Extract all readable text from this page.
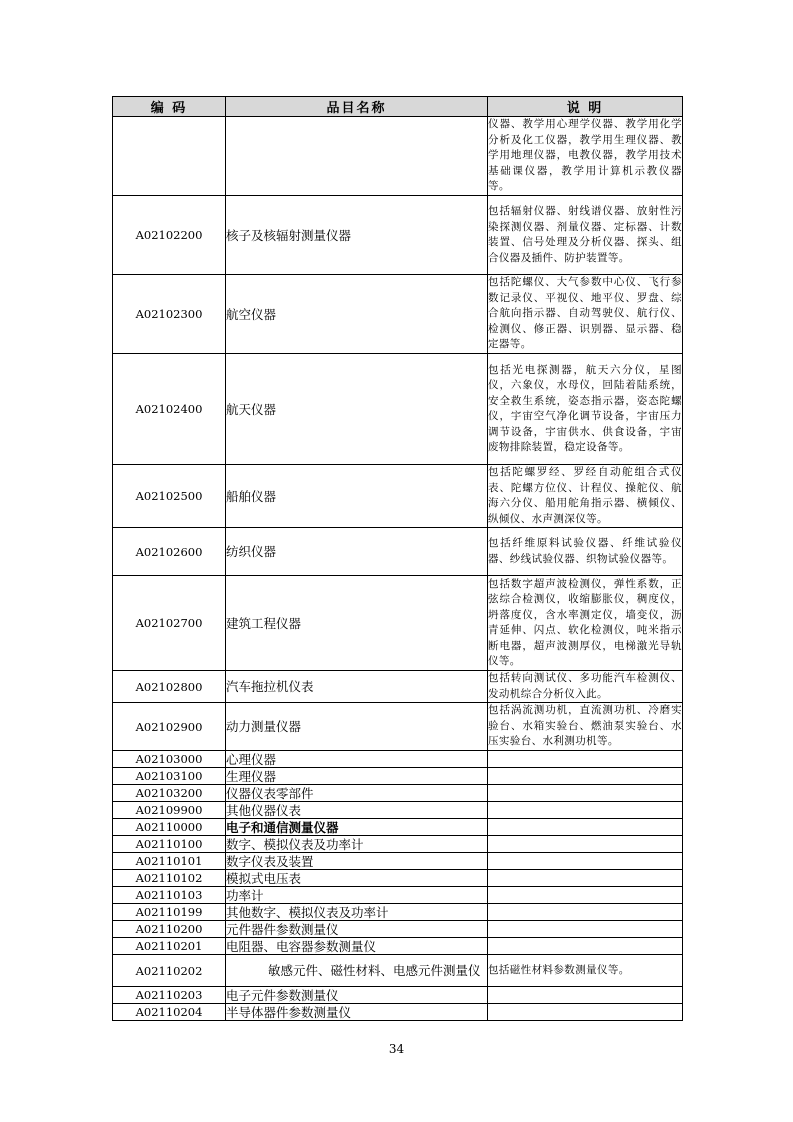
编 码	品目名称	说 明
		仪器、教学用心理学仪器、教学用化学分析及化工仪器，教学用生理仪器、教学用地理仪器，电教仪器，教学用技术基础课仪器，教学用计算机示教仪器等。
A02102200	核子及核辐射测量仪器	包括辐射仪器、射线谱仪器、放射性污染探测仪器、剂量仪器、定标器、计数装置、信号处理及分析仪器、探头、组合仪器及插件、防护装置等。
A02102300	航空仪器	包括陀螺仪、大气参数中心仪、飞行参数记录仪、平视仪、地平仪、罗盘、综合航向指示器、自动驾驶仪、航行仪、检测仪、修正器、识别器、显示器、稳定器等。
A02102400	航天仪器	包括光电探测器，航天六分仪，星图仪，六象仪，水母仪，回陆着陆系统，安全救生系统，姿态指示器，姿态陀螺仪，宇宙空气净化调节设备，宇宙压力调节设备，宇宙供水、供食设备，宇宙废物排除装置，稳定设备等。
A02102500	船舶仪器	包括陀螺罗经、罗经自动舵组合式仪表、陀螺方位仪、计程仪、操舵仪、航海六分仪、船用舵角指示器、横倾仪、纵倾仪、水声测深仪等。
A02102600	纺织仪器	包括纤维原料试验仪器、纤维试验仪器、纱线试验仪器、织物试验仪器等。
A02102700	建筑工程仪器	包括数字超声波检测仪，弹性系数，正弦综合检测仪，收缩膨胀仪，稠度仪，坍落度仪，含水率测定仪，墙变仪，沥青延伸、闪点、软化检测仪，吨米指示断电器，超声波测厚仪，电梯激光导轨仪等。
A02102800	汽车拖拉机仪表	包括转向测试仪、多功能汽车检测仪、发动机综合分析仪入此。
A02102900	动力测量仪器	包括涡流测功机，直流测功机、冷磨实验台、水箱实验台、燃油泵实验台、水压实验台、水利测功机等。
A02103000	心理仪器	
A02103100	生理仪器	
A02103200	仪器仪表零部件	
A02109900	其他仪器仪表	
A02110000	电子和通信测量仪器	
A02110100	数字、模拟仪表及功率计	
A02110101	数字仪表及装置	
A02110102	模拟式电压表	
A02110103	功率计	
A02110199	其他数字、模拟仪表及功率计	
A02110200	元件器件参数测量仪	
A02110201	电阻器、电容器参数测量仪	
A02110202	敏感元件、磁性材料、电感元件测量仪	包括磁性材料参数测量仪等。
A02110203	电子元件参数测量仪	
A02110204	半导体器件参数测量仪	
34
